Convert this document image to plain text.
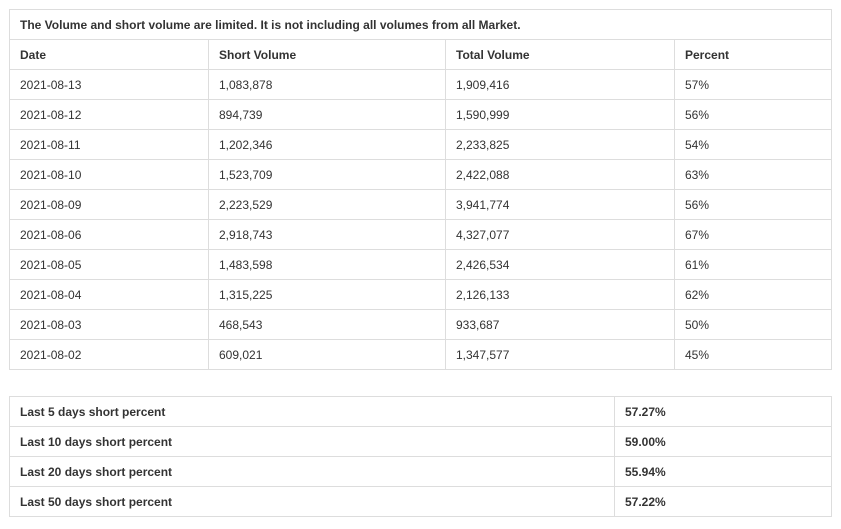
The Volume and short volume are limited. It is not including all volumes from all Market.			
Date	Short Volume	Total Volume	Percent
2021-08-13	1,083,878	1,909,416	57%
2021-08-12	894,739	1,590,999	56%
2021-08-11	1,202,346	2,233,825	54%
2021-08-10	1,523,709	2,422,088	63%
2021-08-09	2,223,529	3,941,774	56%
2021-08-06	2,918,743	4,327,077	67%
2021-08-05	1,483,598	2,426,534	61%
2021-08-04	1,315,225	2,126,133	62%
2021-08-03	468,543	933,687	50%
2021-08-02	609,021	1,347,577	45%
Last 5 days short percent	57.27%
Last 10 days short percent	59.00%
Last 20 days short percent	55.94%
Last 50 days short percent	57.22%
